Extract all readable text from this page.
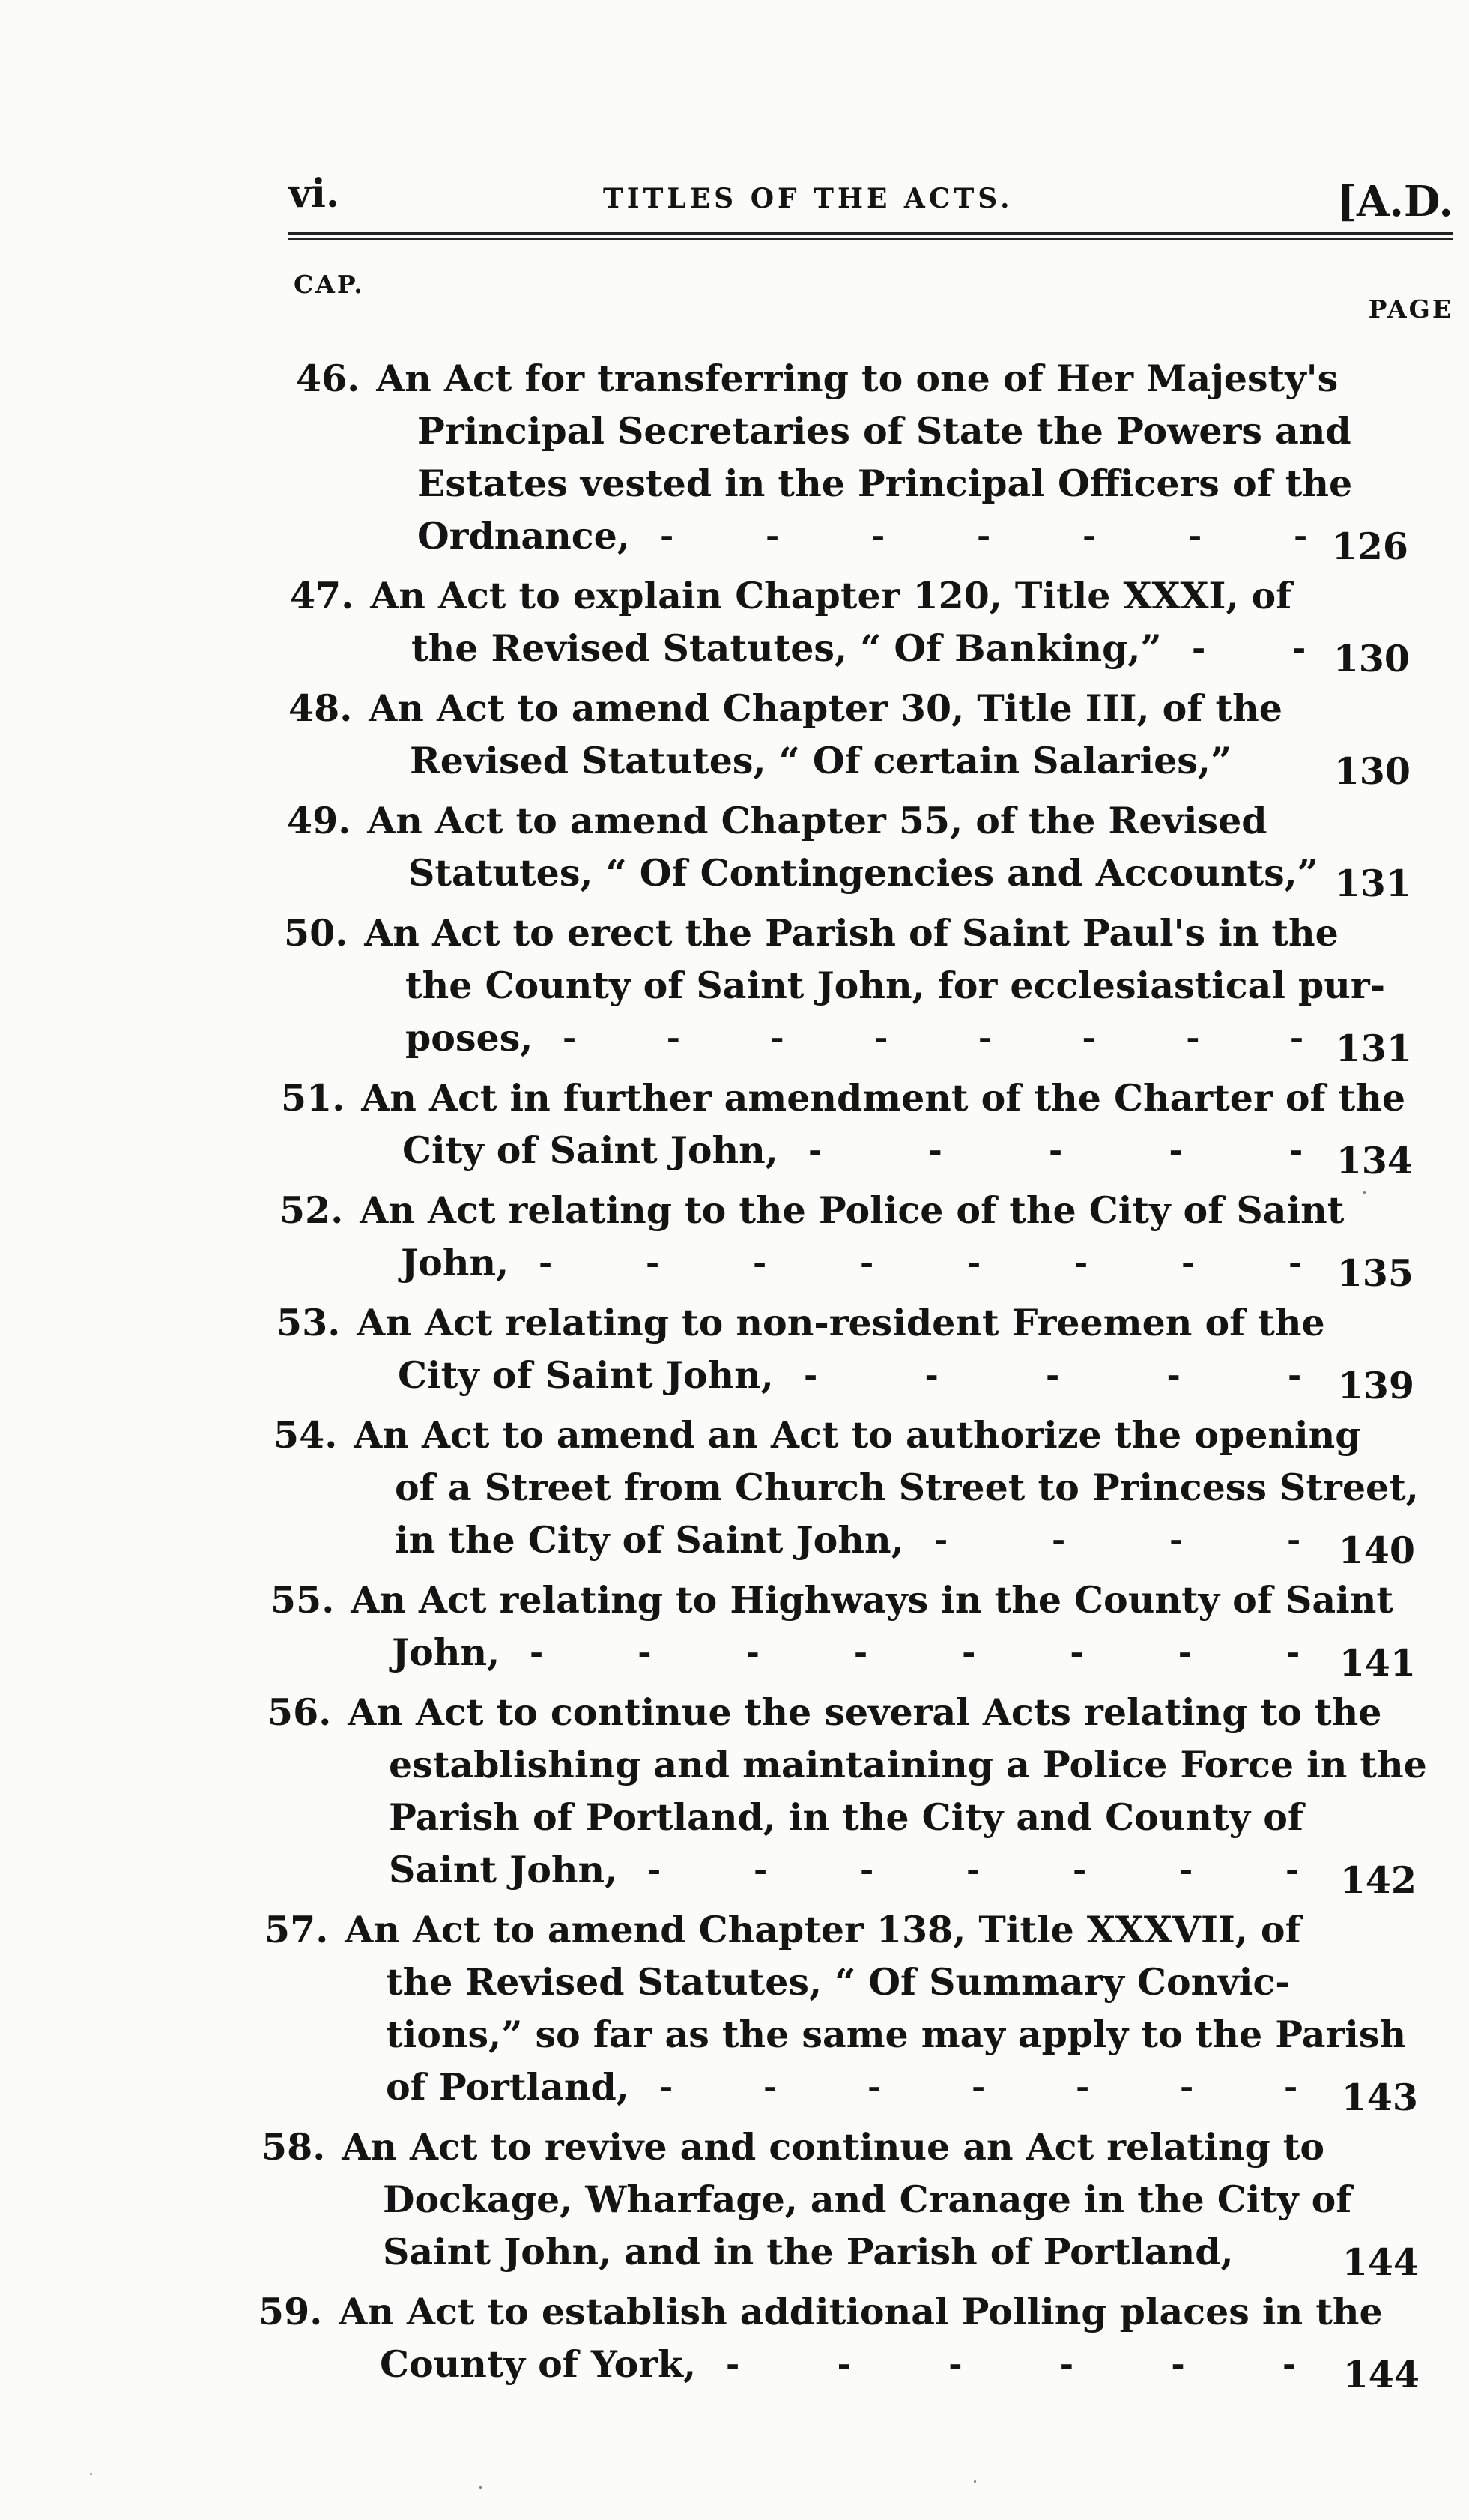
vi.	TITLES OF THE ACTS.	[A.D.
CAP.
PAGE
46. An Act for transferring to one of Her Majesty's
Principal Secretaries of State the Powers and
Estates vested in the Principal Officers of the
Ordnance,	126
-	-	-	-	-	-	-
47. An Act to explain Chapter 120, Title XXXI, of
the Revised Statutes, “ Of Banking,”	130
-	-
48. An Act to amend Chapter 30, Title III, of the
Revised Statutes, “ Of certain Salaries,”	130
49. An Act to amend Chapter 55, of the Revised
Statutes, “ Of Contingencies and Accounts,” 131
50. An Act to erect the Parish of Saint Paul's in the
the County of Saint John, for ecclesiastical pur-
poses,	131
-	-	-	-	-	-	-	-
51. An Act in further amendment of the Charter of the
City of Saint John,	134
-	-	-	-	-
52. An Act relating to the Police of the City of Saint
John,	135
-	-	-	-	-	-	-	-
53. An Act relating to non-resident Freemen of the
City of Saint John,	139
-	-	-	-	-
54. An Act to amend an Act to authorize the opening
of a Street from Church Street to Princess Street,
in the City of Saint John,	140
-	-	-	-
55. An Act relating to Highways in the County of Saint
John,	141
-	-	-	-	-	-	-	-
56. An Act to continue the several Acts relating to the
establishing and maintaining a Police Force in the
Parish of Portland, in the City and County of
Saint John,	142
-	-	-	-	-	-	-
57. An Act to amend Chapter 138, Title XXXVII, of
the Revised Statutes, “ Of Summary Convic-
tions,” so far as the same may apply to the Parish
of Portland,	143
-	-	-	-	-	-	-
58. An Act to revive and continue an Act relating to
Dockage, Wharfage, and Cranage in the City of
Saint John, and in the Parish of Portland,	144
59. An Act to establish additional Polling places in the
County of York,	144
-	-	-	-	-	-
